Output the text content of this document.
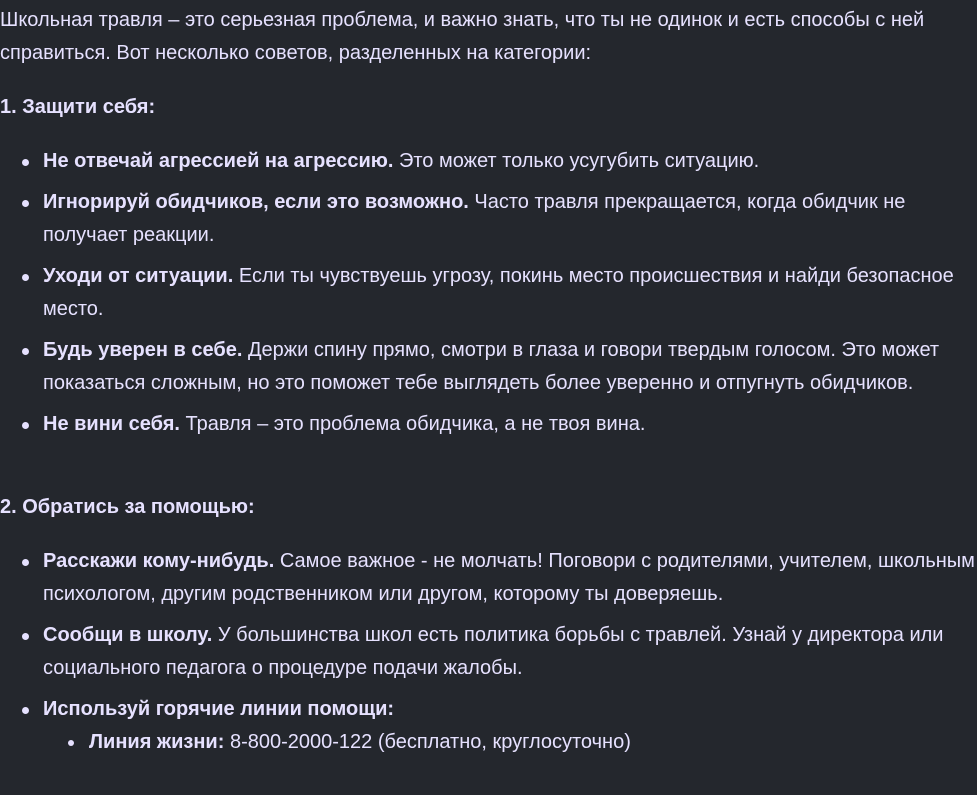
Школьная травля – это серьезная проблема, и важно знать, что ты не одинок и есть способы с ней справиться. Вот несколько советов, разделенных на категории:

1. Защити себя:
Не отвечай агрессией на агрессию. Это может только усугубить ситуацию.
Игнорируй обидчиков, если это возможно. Часто травля прекращается, когда обидчик не получает реакции.
Уходи от ситуации. Если ты чувствуешь угрозу, покинь место происшествия и найди безопасное место.
Будь уверен в себе. Держи спину прямо, смотри в глаза и говори твердым голосом. Это может показаться сложным, но это поможет тебе выглядеть более уверенно и отпугнуть обидчиков.
Не вини себя. Травля – это проблема обидчика, а не твоя вина.
2. Обратись за помощью:
Расскажи кому-нибудь. Самое важное - не молчать! Поговори с родителями, учителем, школьным психологом, другим родственником или другом, которому ты доверяешь.
Сообщи в школу. У большинства школ есть политика борьбы с травлей. Узнай у директора или социального педагога о процедуре подачи жалобы.
Используй горячие линии помощи:
Линия жизни: 8-800-2000-122 (бесплатно, круглосуточно)
